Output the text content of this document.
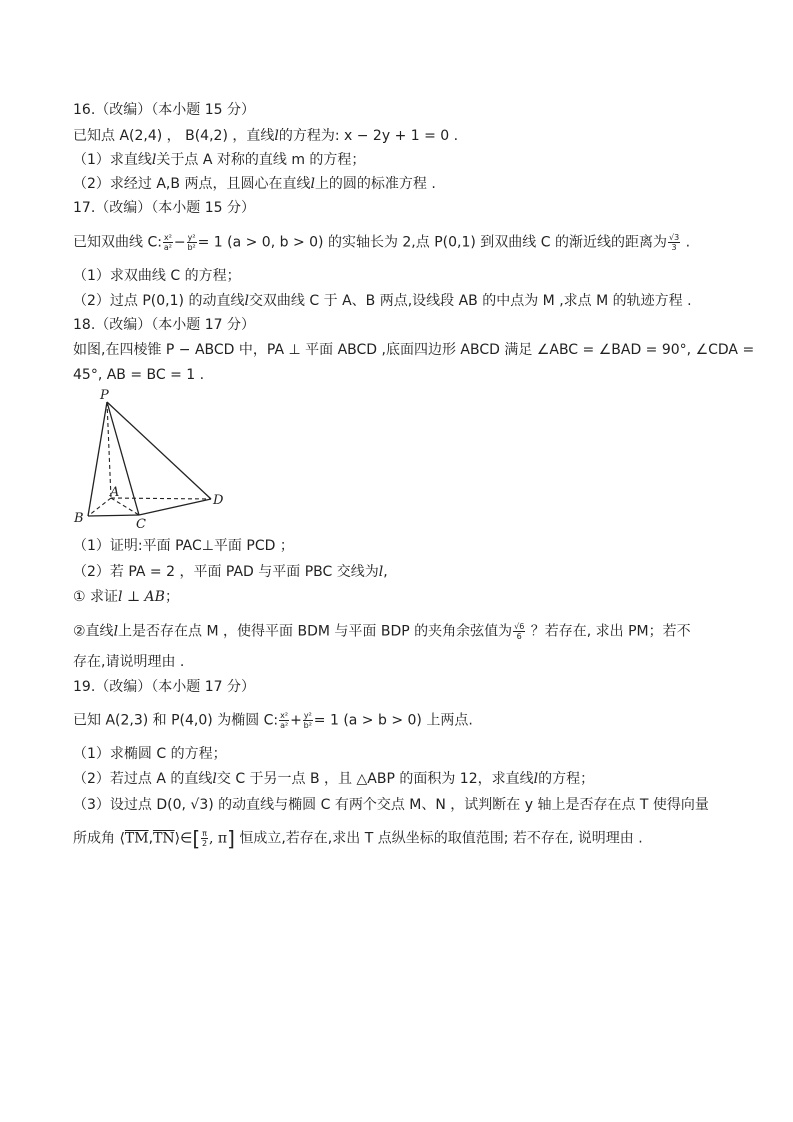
16.（改编）（本小题 15 分）
已知点 A(2,4) ， B(4,2) ，直线l的方程为: x − 2y + 1 = 0 .
（1）求直线l关于点 A 对称的直线 m 的方程；
（2）求经过 A,B 两点，且圆心在直线l上的圆的标准方程 .
17.（改编）（本小题 15 分）
已知双曲线 C: $\frac{\text{x²}}{\text{a²}} - \frac{\text{y²}}{\text{b²}} = 1$ (a > 0, b > 0) 的实轴长为 2,点 P(0,1) 到双曲线 C 的渐近线的距离为 $\frac{√3}{3}$ .
（1）求双曲线 C 的方程；
（2）过点 P(0,1) 的动直线l交双曲线 C 于 A、B 两点,设线段 AB 的中点为 M ,求点 M 的轨迹方程 .
18.（改编）（本小题 17 分）
如图,在四棱锥 P − ABCD 中，PA ⊥ 平面 ABCD ,底面四边形 ABCD 满足 ∠ABC = ∠BAD = 90°, ∠CDA =
45°, AB = BC = 1 .
P
A
B	C
D
（1）证明:平面 PAC⊥平面 PCD ；
（2）若 PA = 2 ，平面 PAD 与平面 PBC 交线为l,
① 求证l ⊥ AB；
②直线l上是否存在点 M ，使得平面 BDM 与平面 BDP 的夹角余弦值为 $\frac{√6}{6}$ ？若存在, 求出 PM；若不
存在,请说明理由 .
19.（改编）（本小题 17 分）
已知 A(2,3) 和 P(4,0) 为椭圆 C: $\frac{\text{x²}}{\text{a²}} + \frac{\text{y²}}{\text{b²}} = 1$ (a > b > 0) 上两点.
（1）求椭圆 C 的方程；
（2）若过点 A 的直线l交 C 于另一点 B ，且 △ABP 的面积为 12，求直线l的方程；
（3）设过点 D(0, √3) 的动直线与椭圆 C 有两个交点 M、N ，试判断在 y 轴上是否存在点 T 使得向量
所成角 $⟨\overline{TM},\overline{TN}⟩\in[ \frac{\pi}{2}$ , π] 恒成立,若存在,求出 T 点纵坐标的取值范围; 若不存在, 说明理由 .
